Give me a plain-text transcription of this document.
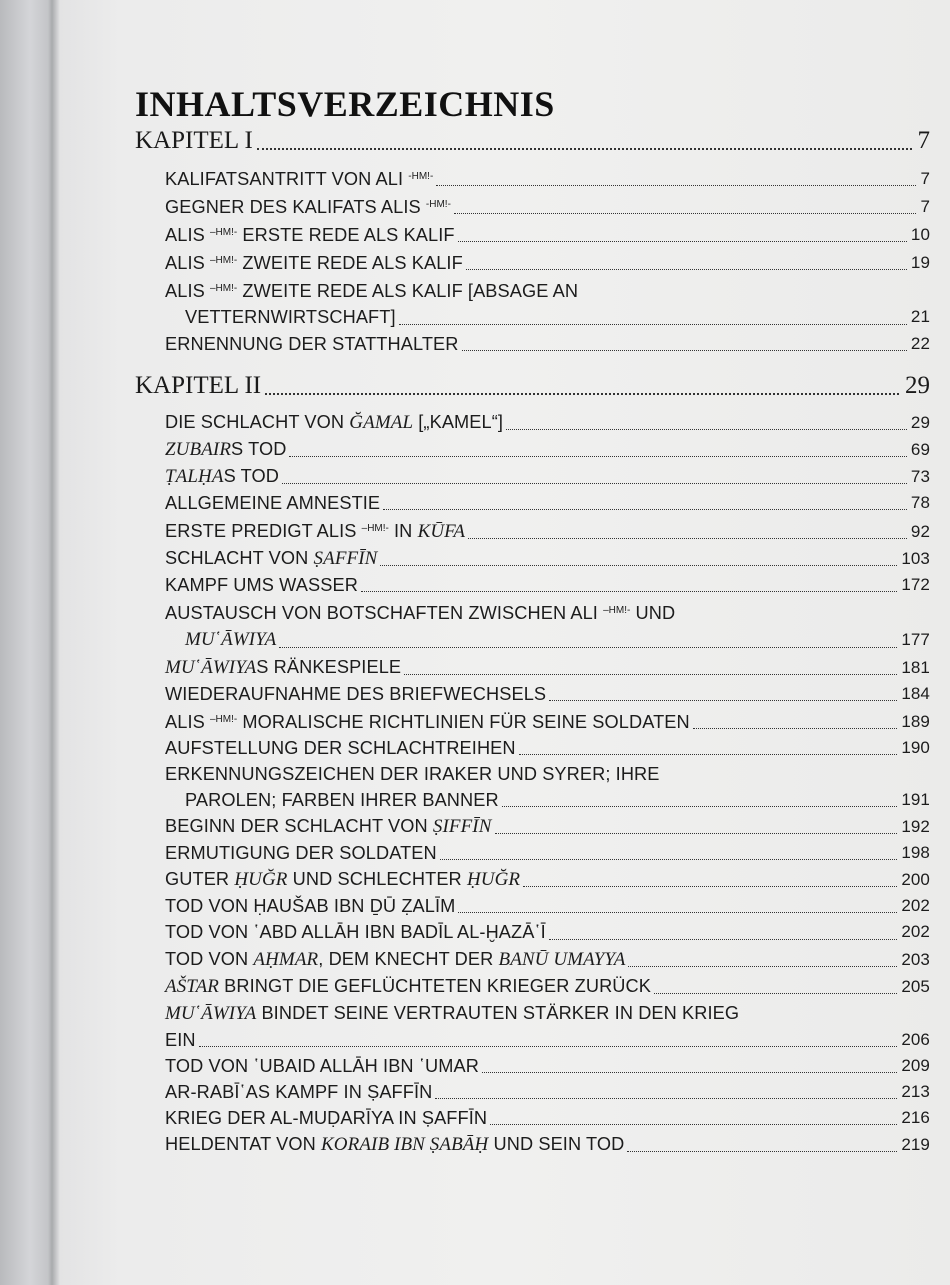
INHALTSVERZEICHNIS
KAPITEL I	7
KALIFATSANTRITT VON ALI $^{-HM!-}$	7
GEGNER DES KALIFATS ALIS $^{-HM!-}$	7
ALIS $^{-HM!-}$ ERSTE REDE ALS KALIF	10
ALIS $^{-HM!-}$ ZWEITE REDE ALS KALIF	19
ALIS $^{-HM!-}$ ZWEITE REDE ALS KALIF [ABSAGE AN
VETTERNWIRTSCHAFT]	21
ERNENNUNG DER STATTHALTER	22
KAPITEL II	29
DIE SCHLACHT VON ĞAMAL [„KAMEL“]	29
ZUBAIRS TOD	69
ṬALḤAS TOD	73
ALLGEMEINE AMNESTIE	78
ERSTE PREDIGT ALIS $^{-HM!-}$ IN KŪFA	92
SCHLACHT VON ṢAFFĪN	103
KAMPF UMS WASSER	172
AUSTAUSCH VON BOTSCHAFTEN ZWISCHEN ALI $^{-HM!-}$ UND
MU῾ĀWIYA	177
MU῾ĀWIYAS RÄNKESPIELE	181
WIEDERAUFNAHME DES BRIEFWECHSELS	184
ALIS $^{-HM!-}$ MORALISCHE RICHTLINIEN FÜR SEINE SOLDATEN	189
AUFSTELLUNG DER SCHLACHTREIHEN	190
ERKENNUNGSZEICHEN DER IRAKER UND SYRER; IHRE
PAROLEN; FARBEN IHRER BANNER	191
BEGINN DER SCHLACHT VON ṢIFFĪN	192
ERMUTIGUNG DER SOLDATEN	198
GUTER ḤUĞR UND SCHLECHTER ḤUĞR	200
TOD VON ḤAUŠAB IBN ḎŪ ẒALĪM	202
TOD VON ῾ABD ALLĀH IBN BADĪL AL-ḪAZĀ῾Ī	202
TOD VON AḤMAR, DEM KNECHT DER BANŪ UMAYYA	203
AŠTAR BRINGT DIE GEFLÜCHTETEN KRIEGER ZURÜCK	205
MU῾ĀWIYA BINDET SEINE VERTRAUTEN STÄRKER IN DEN KRIEG
EIN	206
TOD VON ῾UBAID ALLĀH IBN ῾UMAR	209
AR-RABĪ῾AS KAMPF IN ṢAFFĪN	213
KRIEG DER AL-MUḌARĪYA IN ṢAFFĪN	216
HELDENTAT VON KORAIB IBN ṢABĀḤ UND SEIN TOD	219
